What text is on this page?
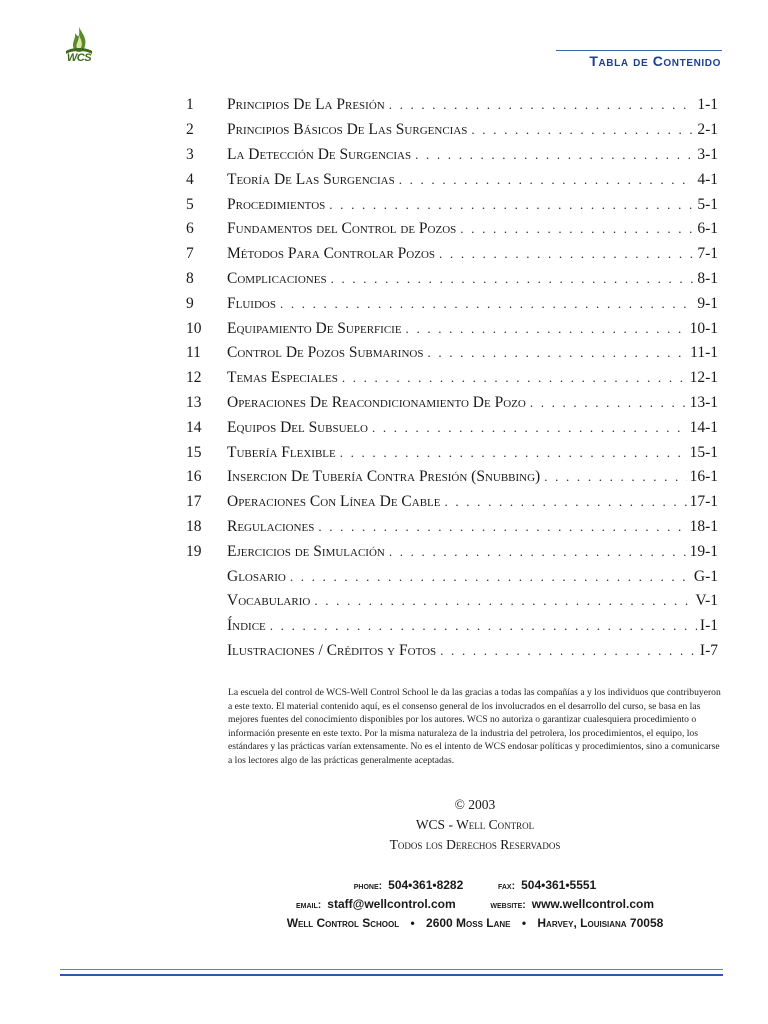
WCS	Tabla de Contenido
1	Principios De La Presión . . .	1-1
2	Principios Básicos De Las Surgencias . . .	2-1
3	La Detección De Surgencias . . .	3-1
4	Teoría De Las Surgencias . . .	4-1
5	Procedimientos . . .	5-1
6	Fundamentos del Control de Pozos . . .	6-1
7	Métodos Para Controlar Pozos . . .	7-1
8	Complicaciones . . .	8-1
9	Fluidos . . .	9-1
10	Equipamiento De Superficie . . .	10-1
11	Control De Pozos Submarinos . . .	11-1
12	Temas Especiales . . .	12-1
13	Operaciones De Reacondicionamiento De Pozo . . .	13-1
14	Equipos Del Subsuelo . . .	14-1
15	Tubería Flexible . . .	15-1
16	Insercion De Tubería Contra Presión (Snubbing) . . .	16-1
17	Operaciones Con Línea De Cable . . .	17-1
18	Regulaciones . . .	18-1
19	Ejercicios de Simulación . . .	19-1
Glosario . . .	G-1
Vocabulario . . .	V-1
Índice . . .	I-1
Ilustraciones / Créditos y Fotos . . .	I-7
La escuela del control de WCS-Well Control School le da las gracias a todas las compañías a y los individuos que contribuyeron a este texto. El material contenido aquí, es el consenso general de los involucrados en el desarrollo del curso, se basa en las mejores fuentes del conocimiento disponibles por los autores. WCS no autoriza o garantizar cualesquiera procedimiento o información presente en este texto. Por la misma naturaleza de la industria del petrolera, los procedimientos, el equipo, los estándares y las prácticas varían extensamente. No es el intento de WCS endosar políticas y procedimientos, sino a comunicarse a los lectores algo de las prácticas generalmente aceptadas.
© 2003
WCS - Well Control
Todos los Derechos Reservados
phone: 504•361•8282	fax: 504•361•5551
email: staff@wellcontrol.com	website: www.wellcontrol.com
Well Control School • 2600 Moss Lane • Harvey, Louisiana 70058
